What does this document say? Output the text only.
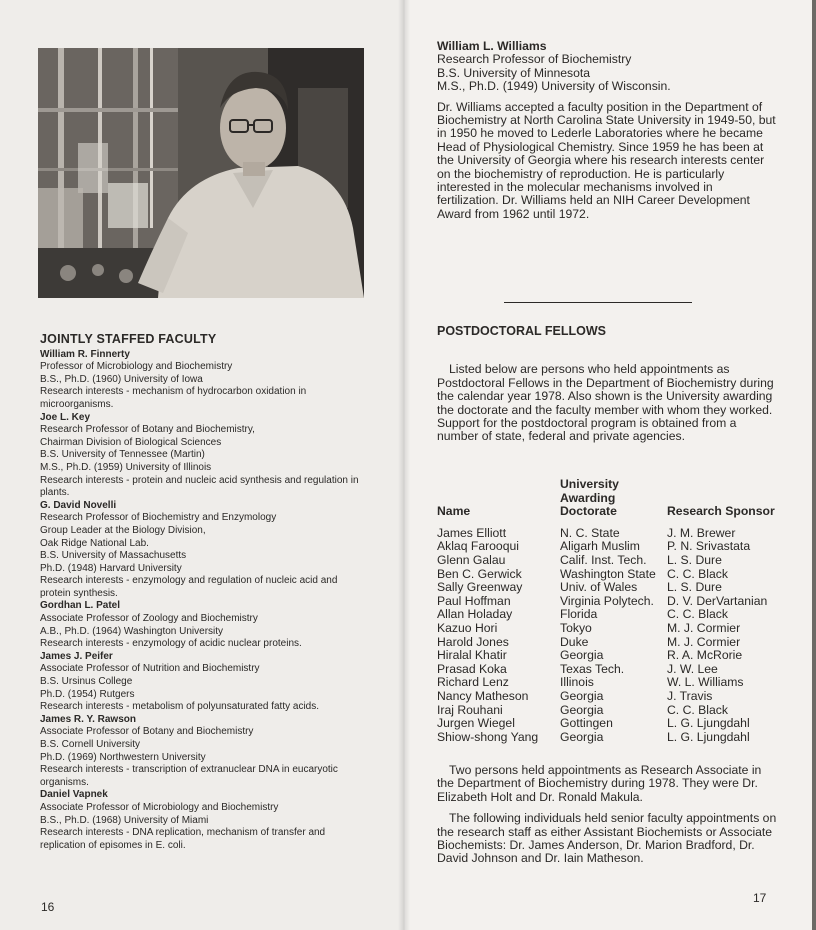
JOINTLY STAFFED FACULTY
William R. Finnerty
Professor of Microbiology and Biochemistry
B.S., Ph.D. (1960) University of Iowa
Research interests - mechanism of hydrocarbon oxidation in microorganisms.
Joe L. Key
Research Professor of Botany and Biochemistry,
Chairman Division of Biological Sciences
B.S. University of Tennessee (Martin)
M.S., Ph.D. (1959) University of Illinois
Research interests - protein and nucleic acid synthesis and regulation in plants.
G. David Novelli
Research Professor of Biochemistry and Enzymology
Group Leader at the Biology Division,
Oak Ridge National Lab.
B.S. University of Massachusetts
Ph.D. (1948) Harvard University
Research interests - enzymology and regulation of nucleic acid and protein synthesis.
Gordhan L. Patel
Associate Professor of Zoology and Biochemistry
A.B., Ph.D. (1964) Washington University
Research interests - enzymology of acidic nuclear proteins.
James J. Peifer
Associate Professor of Nutrition and Biochemistry
B.S. Ursinus College
Ph.D. (1954) Rutgers
Research interests - metabolism of polyunsaturated fatty acids.
James R. Y. Rawson
Associate Professor of Botany and Biochemistry
B.S. Cornell University
Ph.D. (1969) Northwestern University
Research interests - transcription of extranuclear DNA in eucaryotic organisms.
Daniel Vapnek
Associate Professor of Microbiology and Biochemistry
B.S., Ph.D. (1968) University of Miami
Research interests - DNA replication, mechanism of transfer and replication of episomes in E. coli.
16
William L. Williams
Research Professor of Biochemistry
B.S. University of Minnesota
M.S., Ph.D. (1949) University of Wisconsin.

Dr. Williams accepted a faculty position in the Department of Biochemistry at North Carolina State University in 1949-50, but in 1950 he moved to Lederle Laboratories where he became Head of Physiological Chemistry. Since 1959 he has been at the University of Georgia where his research interests center on the biochemistry of reproduction. He is particularly interested in the molecular mechanisms involved in fertilization. Dr. Williams held an NIH Career Development Award from 1962 until 1972.

POSTDOCTORAL FELLOWS

Listed below are persons who held appointments as Postdoctoral Fellows in the Department of Biochemistry during the calendar year 1978. Also shown is the University awarding the doctorate and the faculty member with whom they worked. Support for the postdoctoral program is obtained from a number of state, federal and private agencies.

Name	University Awarding Doctorate	Research Sponsor
James Elliott	N. C. State	J. M. Brewer
Aklaq Farooqui	Aligarh Muslim	P. N. Srivastata
Glenn Galau	Calif. Inst. Tech.	L. S. Dure
Ben C. Gerwick	Washington State	C. C. Black
Sally Greenway	Univ. of Wales	L. S. Dure
Paul Hoffman	Virginia Polytech.	D. V. DerVartanian
Allan Holaday	Florida	C. C. Black
Kazuo Hori	Tokyo	M. J. Cormier
Harold Jones	Duke	M. J. Cormier
Hiralal Khatir	Georgia	R. A. McRorie
Prasad Koka	Texas Tech.	J. W. Lee
Richard Lenz	Illinois	W. L. Williams
Nancy Matheson	Georgia	J. Travis
Iraj Rouhani	Georgia	C. C. Black
Jurgen Wiegel	Gottingen	L. G. Ljungdahl
Shiow-shong Yang	Georgia	L. G. Ljungdahl

Two persons held appointments as Research Associate in the Department of Biochemistry during 1978. They were Dr. Elizabeth Holt and Dr. Ronald Makula.

The following individuals held senior faculty appointments on the research staff as either Assistant Biochemists or Associate Biochemists: Dr. James Anderson, Dr. Marion Bradford, Dr. David Johnson and Dr. Iain Matheson.

17
